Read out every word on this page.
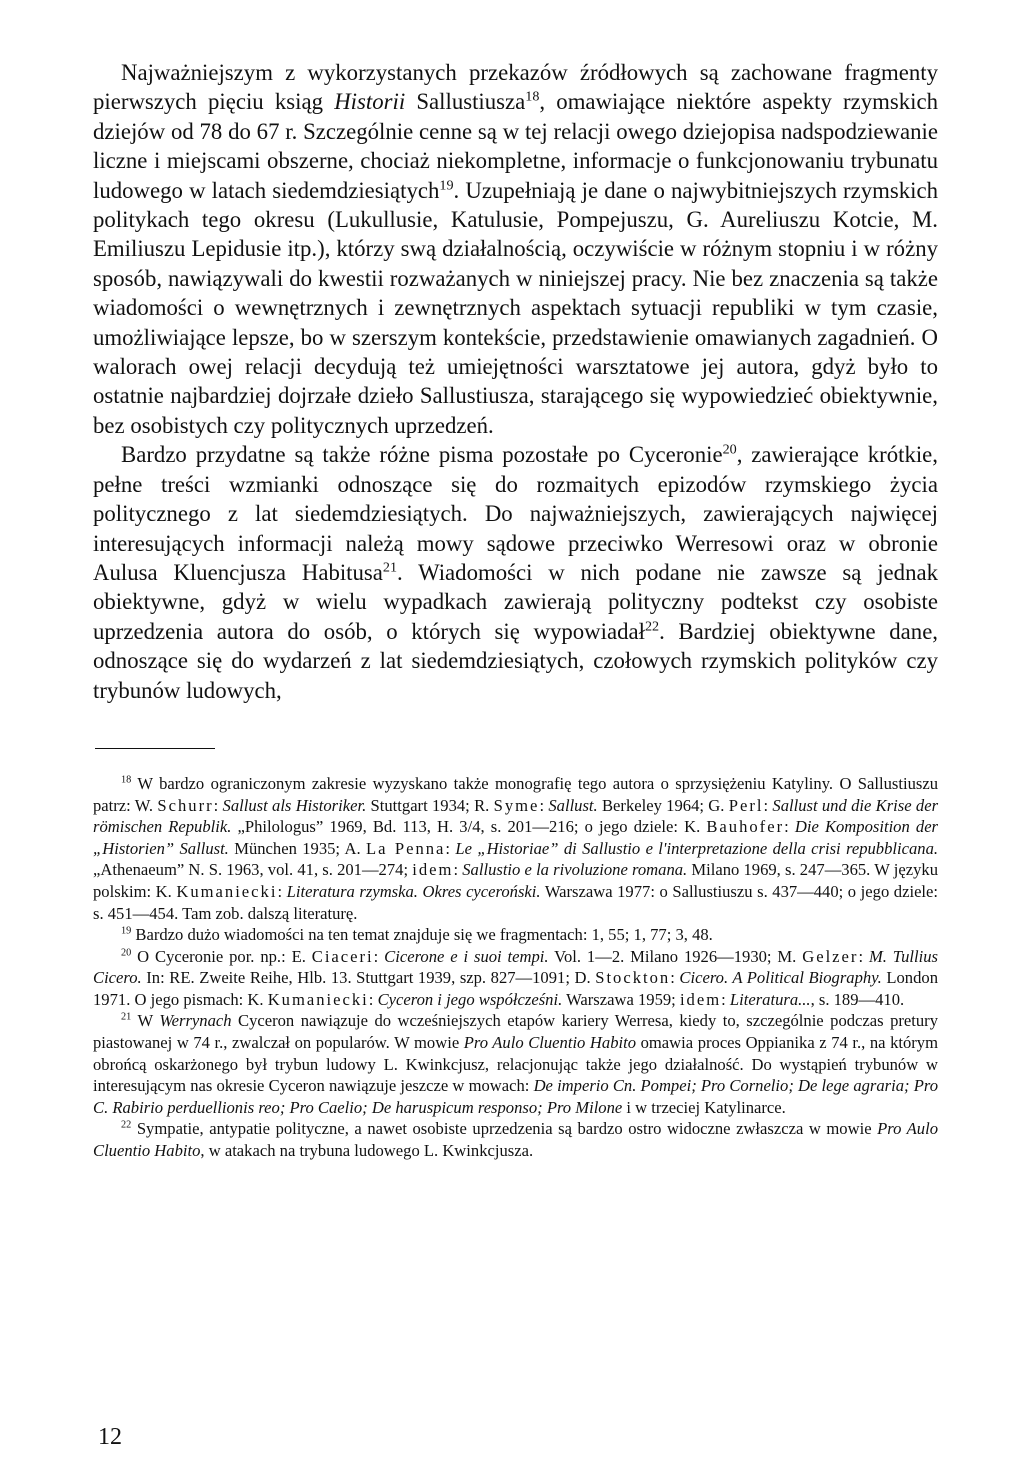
Najważniejszym z wykorzystanych przekazów źródłowych są zachowane fragmenty pierwszych pięciu ksiąg Historii Sallustiusza$^{18}$, omawiające niektóre aspekty rzymskich dziejów od 78 do 67 r. Szczególnie cenne są w tej relacji owego dziejopisa nadspodziewanie liczne i miejscami obszerne, chociaż niekompletne, informacje o funkcjonowaniu trybunatu ludowego w latach siedemdziesiątych$^{19}$. Uzupełniają je dane o najwybitniejszych rzymskich politykach tego okresu (Lukullusie, Katulusie, Pompejuszu, G. Aureliuszu Kotcie, M. Emiliuszu Lepidusie itp.), którzy swą działalnością, oczywiście w różnym stopniu i w różny sposób, nawiązywali do kwestii rozważanych w niniejszej pracy. Nie bez znaczenia są także wiadomości o wewnętrznych i zewnętrznych aspektach sytuacji republiki w tym czasie, umożliwiające lepsze, bo w szerszym kontekście, przedstawienie omawianych zagadnień. O walorach owej relacji decydują też umiejętności warsztatowe jej autora, gdyż było to ostatnie najbardziej dojrzałe dzieło Sallustiusza, starającego się wypowiedzieć obiektywnie, bez osobistych czy politycznych uprzedzeń.

Bardzo przydatne są także różne pisma pozostałe po Cyceronie$^{20}$, zawierające krótkie, pełne treści wzmianki odnoszące się do rozmaitych epizodów rzymskiego życia politycznego z lat siedemdziesiątych. Do najważniejszych, zawierających najwięcej interesujących informacji należą mowy sądowe przeciwko Werresowi oraz w obronie Aulusa Kluencjusza Habitusa$^{21}$. Wiadomości w nich podane nie zawsze są jednak obiektywne, gdyż w wielu wypadkach zawierają polityczny podtekst czy osobiste uprzedzenia autora do osób, o których się wypowiadał$^{22}$. Bardziej obiektywne dane, odnoszące się do wydarzeń z lat siedemdziesiątych, czołowych rzymskich polityków czy trybunów ludowych,

$^{18}$ W bardzo ograniczonym zakresie wyzyskano także monografię tego autora o sprzysiężeniu Katyliny. O Sallustiuszu patrz: W. Schurr: Sallust als Historiker. Stuttgart 1934; R. Syme: Sallust. Berkeley 1964; G. Perl: Sallust und die Krise der römischen Republik. „Philologus” 1969, Bd. 113, H. 3/4, s. 201—216; o jego dziele: K. Bauhofer: Die Komposition der „Historien” Sallust. München 1935; A. La Penna: Le „Historiae” di Sallustio e l'interpretazione della crisi repubblicana. „Athenaeum” N. S. 1963, vol. 41, s. 201—274; idem: Sallustio e la rivoluzione romana. Milano 1969, s. 247—365. W języku polskim: K. Kumaniecki: Literatura rzymska. Okres cyceroński. Warszawa 1977: o Sallustiuszu s. 437—440; o jego dziele: s. 451—454. Tam zob. dalszą literaturę.

$^{19}$ Bardzo dużo wiadomości na ten temat znajduje się we fragmentach: 1, 55; 1, 77; 3, 48.

$^{20}$ O Cyceronie por. np.: E. Ciaceri: Cicerone e i suoi tempi. Vol. 1—2. Milano 1926—1930; M. Gelzer: M. Tullius Cicero. In: RE. Zweite Reihe, Hlb. 13. Stuttgart 1939, szp. 827—1091; D. Stockton: Cicero. A Political Biography. London 1971. O jego pismach: K. Kumaniecki: Cyceron i jego współcześni. Warszawa 1959; idem: Literatura..., s. 189—410.

$^{21}$ W Werrynach Cyceron nawiązuje do wcześniejszych etapów kariery Werresa, kiedy to, szczególnie podczas pretury piastowanej w 74 r., zwalczał on popularów. W mowie Pro Aulo Cluentio Habito omawia proces Oppianika z 74 r., na którym obrońcą oskarżonego był trybun ludowy L. Kwinkcjusz, relacjonując także jego działalność. Do wystąpień trybunów w interesującym nas okresie Cyceron nawiązuje jeszcze w mowach: De imperio Cn. Pompei; Pro Cornelio; De lege agraria; Pro C. Rabirio perduellionis reo; Pro Caelio; De haruspicum responso; Pro Milone i w trzeciej Katylinarce.

$^{22}$ Sympatie, antypatie polityczne, a nawet osobiste uprzedzenia są bardzo ostro widoczne zwłaszcza w mowie Pro Aulo Cluentio Habito, w atakach na trybuna ludowego L. Kwinkcjusza.

12
